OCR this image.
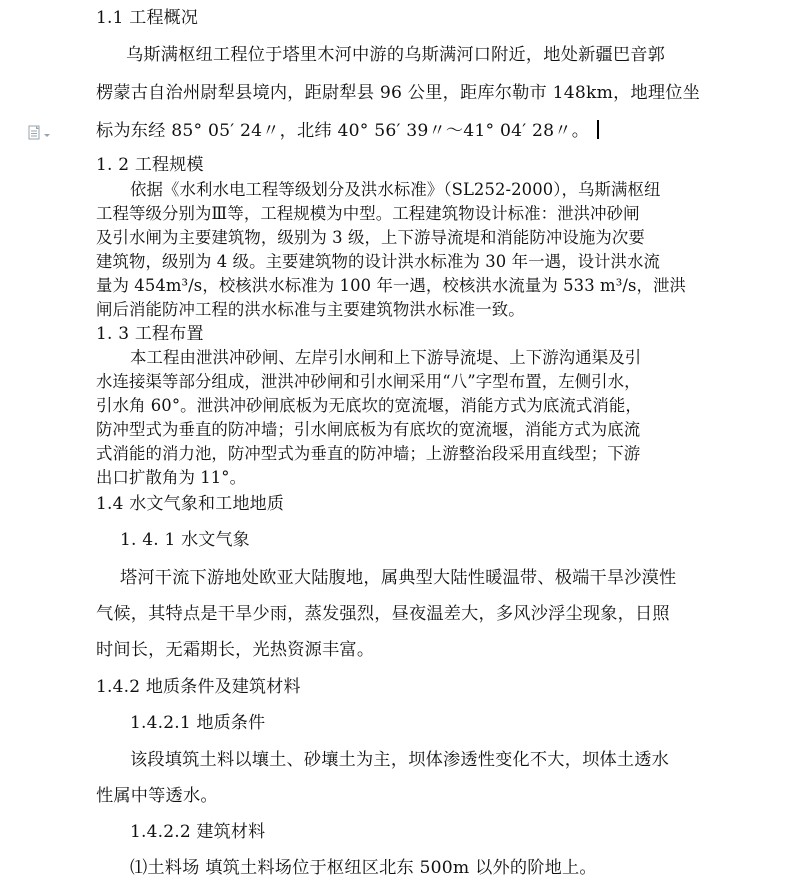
1.1 工程概况
乌斯满枢纽工程位于塔里木河中游的乌斯满河口附近，地处新疆巴音郭
楞蒙古自治州尉犁县境内，距尉犁县 96 公里，距库尔勒市 148km，地理位坐
标为东经 85° 05′ 24〃，北纬 40° 56′ 39〃～41° 04′ 28〃。
1. 2 工程规模
依据《水利水电工程等级划分及洪水标准》（SL252-2000），乌斯满枢纽
工程等级分别为Ⅲ等，工程规模为中型。工程建筑物设计标准：泄洪冲砂闸
及引水闸为主要建筑物，级别为 3 级，上下游导流堤和消能防冲设施为次要
建筑物，级别为 4 级。主要建筑物的设计洪水标准为 30 年一遇，设计洪水流
量为 454m³/s，校核洪水标准为 100 年一遇，校核洪水流量为 533 m³/s，泄洪
闸后消能防冲工程的洪水标准与主要建筑物洪水标准一致。
1. 3 工程布置
本工程由泄洪冲砂闸、左岸引水闸和上下游导流堤、上下游沟通渠及引
水连接渠等部分组成，泄洪冲砂闸和引水闸采用“八”字型布置，左侧引水，
引水角 60°。泄洪冲砂闸底板为无底坎的宽流堰，消能方式为底流式消能，
防冲型式为垂直的防冲墙；引水闸底板为有底坎的宽流堰，消能方式为底流
式消能的消力池，防冲型式为垂直的防冲墙；上游整治段采用直线型；下游
出口扩散角为 11°。
1.4 水文气象和工地地质
1. 4. 1 水文气象
塔河干流下游地处欧亚大陆腹地，属典型大陆性暖温带、极端干旱沙漠性
气候，其特点是干旱少雨，蒸发强烈，昼夜温差大，多风沙浮尘现象，日照
时间长，无霜期长，光热资源丰富。
1.4.2 地质条件及建筑材料
1.4.2.1 地质条件
该段填筑土料以壤土、砂壤土为主，坝体渗透性变化不大，坝体土透水
性属中等透水。
1.4.2.2 建筑材料
⑴土料场 填筑土料场位于枢纽区北东 500m 以外的阶地上。
